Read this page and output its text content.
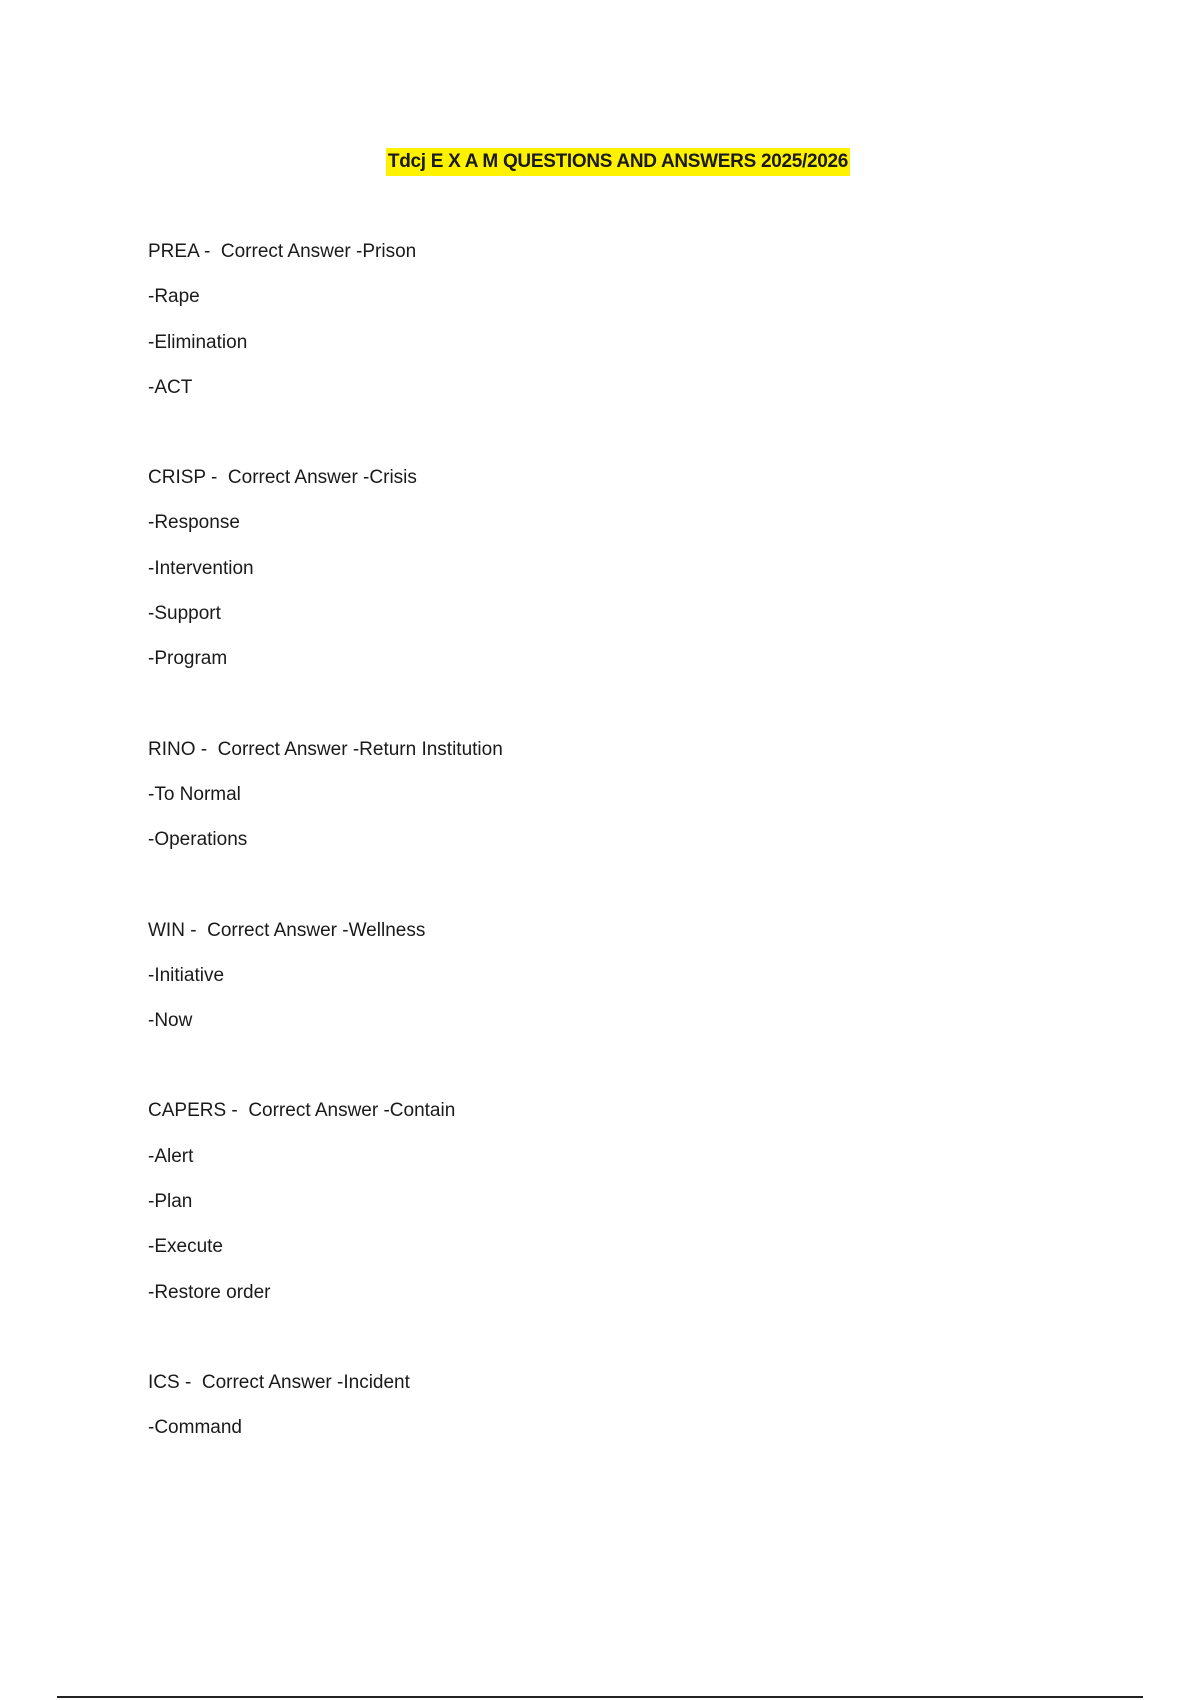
Tdcj E X A M QUESTIONS AND ANSWERS 2025/2026
PREA -  Correct Answer -Prison
-Rape
-Elimination
-ACT
CRISP -  Correct Answer -Crisis
-Response
-Intervention
-Support
-Program
RINO -  Correct Answer -Return Institution
-To Normal
-Operations
WIN -  Correct Answer -Wellness
-Initiative
-Now
CAPERS -  Correct Answer -Contain
-Alert
-Plan
-Execute
-Restore order
ICS -  Correct Answer -Incident
-Command
